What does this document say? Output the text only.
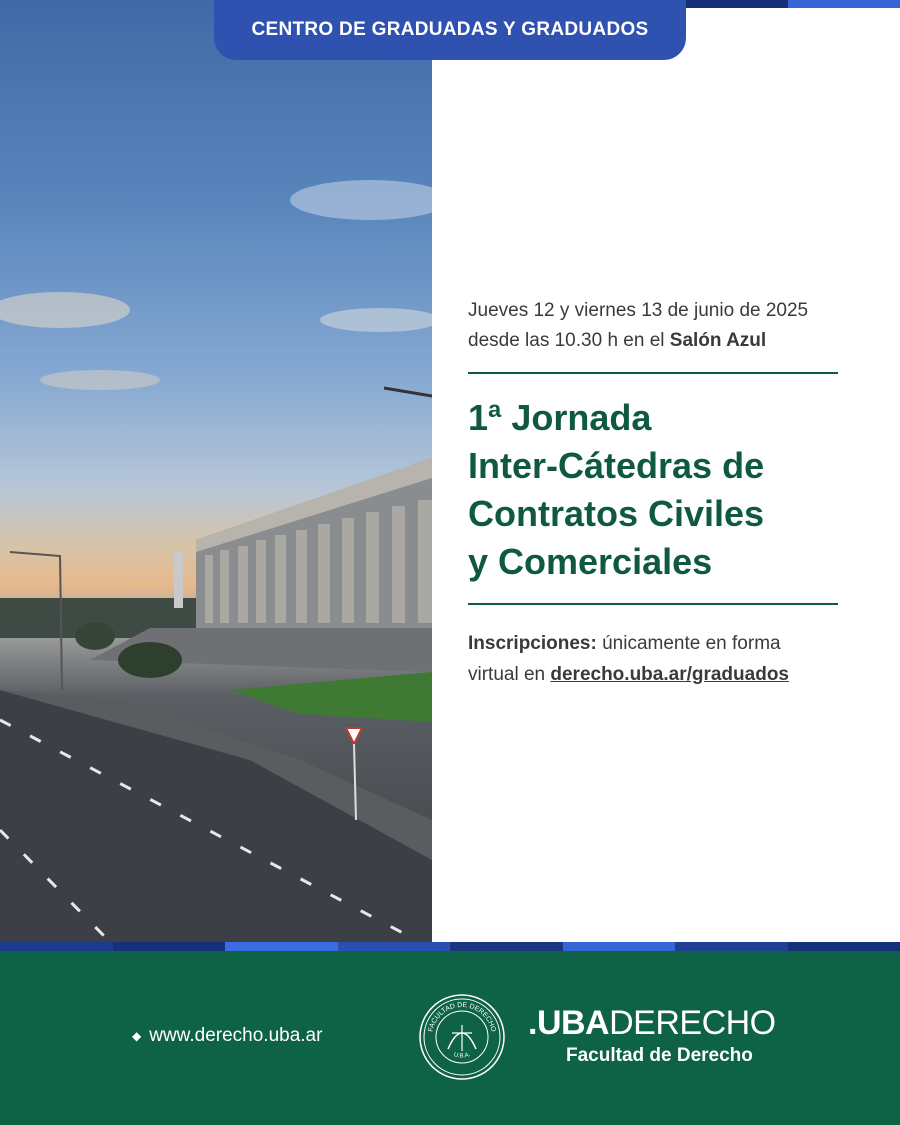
CENTRO DE GRADUADAS Y GRADUADOS

Jueves 12 y viernes 13 de junio de 2025

desde las 10.30 h en el Salón Azul

1ª Jornada
Inter-Cátedras de
Contratos Civiles
y Comerciales
Inscripciones: únicamente en forma
virtual en derecho.uba.ar/graduados
◆ www.derecho.uba.ar	FACULTAD DE DERECHO
U.B.A.
.UBADERECHO
Facultad de Derecho
